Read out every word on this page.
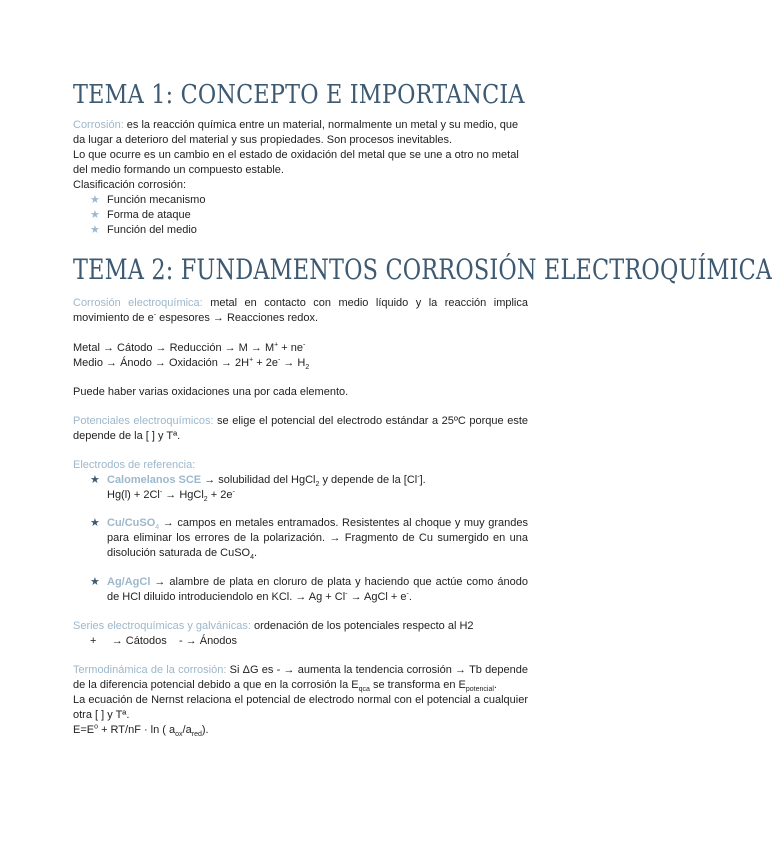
TEMA 1: CONCEPTO E IMPORTANCIA

Corrosión: es la reacción química entre un material, normalmente un metal y su medio, que da lugar a deterioro del material y sus propiedades. Son procesos inevitables.

Lo que ocurre es un cambio en el estado de oxidación del metal que se une a otro no metal del medio formando un compuesto estable.

Clasificación corrosión:

★ Función mecanismo
★ Forma de ataque
★ Función del medio
TEMA 2: FUNDAMENTOS CORROSIÓN ELECTROQUÍMICA

Corrosión electroquímica: metal en contacto con medio líquido y la reacción implica movimiento de e- espesores → Reacciones redox.

Metal → Cátodo → Reducción → M → M+ + ne-

Medio → Ánodo → Oxidación → $2H^+ + 2e^- \to H_2$

Puede haber varias oxidaciones una por cada elemento.

Potenciales electroquímicos: se elige el potencial del electrodo estándar a 25ºC porque este depende de la [ ] y Tª.

Electrodos de referencia:

★ Calomelanos SCE → solubilidad del HgCl$_2$ y depende de la [Cl-].
Hg(l) + 2Cl- → HgCl$_2$ + 2e-
★ Cu/CuSO$_4$ → campos en metales entramados. Resistentes al choque y muy grandes para eliminar los errores de la polarización. → Fragmento de Cu sumergido en una disolución saturada de CuSO$_4$.
★ Ag/AgCl → alambre de plata en cloruro de plata y haciendo que actúe como ánodo de HCl diluido introduciendolo en KCl. → Ag + Cl- → AgCl + e-.

Series electroquímicas y galvánicas: ordenación de los potenciales respecto al H2

+     → Cátodos    - → Ánodos

Termodinámica de la corrosión: Si ΔG es - → aumenta la tendencia corrosión → Tb depende de la diferencia potencial debido a que en la corrosión la $E_{qca}$ se transforma en $E_{potencial}$.

La ecuación de Nernst relaciona el potencial de electrodo normal con el potencial a cualquier otra [ ] y Tª.

$E=E^o + RT/nF \cdot \ln$ ( $a_{ox}/a_{red}$).
